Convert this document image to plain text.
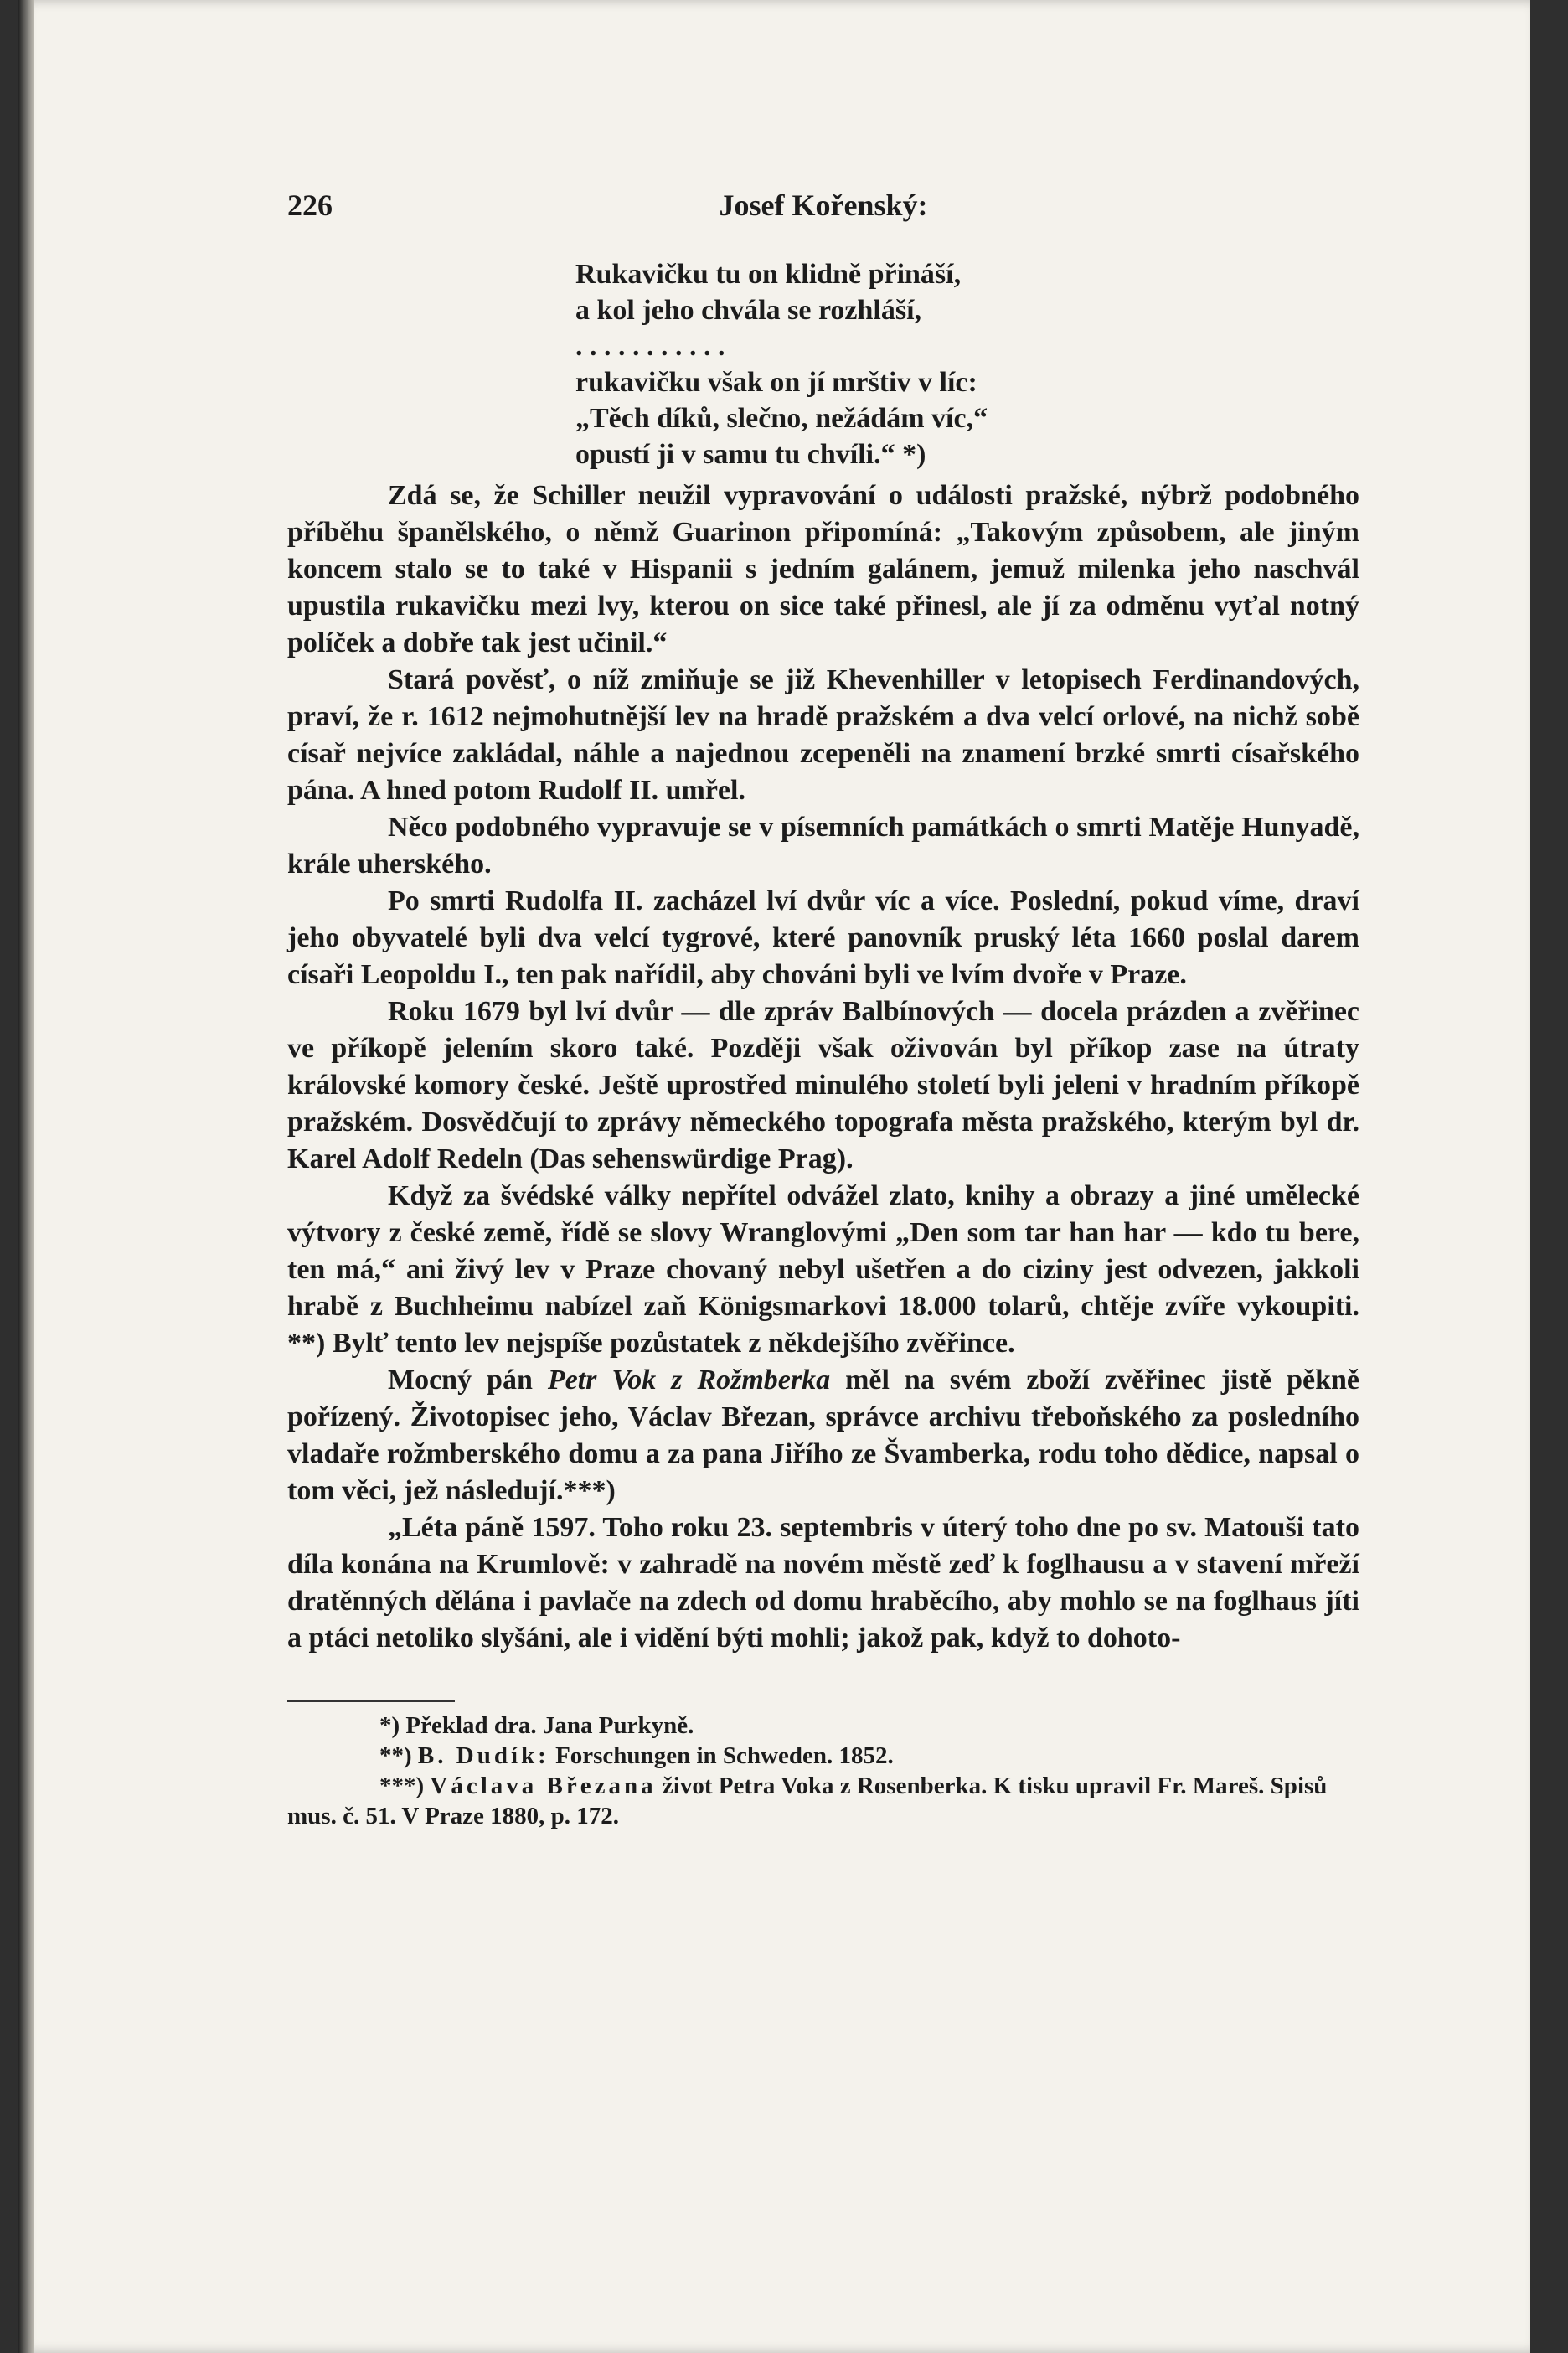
226	Josef Kořenský:
Rukavičku tu on klidně přináší,
a kol jeho chvála se rozhláší,
. . . . . . . . . . .
rukavičku však on jí mrštiv v líc:
„Těch díků, slečno, nežádám víc,“
opustí ji v samu tu chvíli.“ *)

Zdá se, že Schiller neužil vypravování o události pražské, nýbrž podobného příběhu španělského, o němž Guarinon připomíná: „Takovým způsobem, ale jiným koncem stalo se to také v Hispanii s jedním galánem, jemuž milenka jeho naschvál upustila rukavičku mezi lvy, kterou on sice také přinesl, ale jí za odměnu vyťal notný políček a dobře tak jest učinil.“

Stará pověsť, o níž zmiňuje se již Khevenhiller v letopisech Ferdinandových, praví, že r. 1612 nejmohutnější lev na hradě pražském a dva velcí orlové, na nichž sobě císař nejvíce zakládal, náhle a najednou zcepeněli na znamení brzké smrti císařského pána. A hned potom Rudolf II. umřel.

Něco podobného vypravuje se v písemních památkách o smrti Matěje Hunyadě, krále uherského.

Po smrti Rudolfa II. zacházel lví dvůr víc a více. Poslední, pokud víme, draví jeho obyvatelé byli dva velcí tygrové, které panovník pruský léta 1660 poslal darem císaři Leopoldu I., ten pak nařídil, aby chováni byli ve lvím dvoře v Praze.

Roku 1679 byl lví dvůr — dle zpráv Balbínových — docela prázden a zvěřinec ve příkopě jelením skoro také. Později však oživován byl příkop zase na útraty královské komory české. Ještě uprostřed minulého století byli jeleni v hradním příkopě pražském. Dosvědčují to zprávy německého topografa města pražského, kterým byl dr. Karel Adolf Redeln (Das sehenswürdige Prag).

Když za švédské války nepřítel odvážel zlato, knihy a obrazy a jiné umělecké výtvory z české země, řídě se slovy Wranglovými „Den som tar han har — kdo tu bere, ten má,“ ani živý lev v Praze chovaný nebyl ušetřen a do ciziny jest odvezen, jakkoli hrabě z Buchheimu nabízel zaň Königsmarkovi 18.000 tolarů, chtěje zvíře vykoupiti. **) Bylť tento lev nejspíše pozůstatek z někdejšího zvěřince.

Mocný pán Petr Vok z Rožmberka měl na svém zboží zvěřinec jistě pěkně pořízený. Životopisec jeho, Václav Březan, správce archivu třeboňského za posledního vladaře rožmberského domu a za pana Jiřího ze Švamberka, rodu toho dědice, napsal o tom věci, jež následují.***)

„Léta páně 1597. Toho roku 23. septembris v úterý toho dne po sv. Matouši tato díla konána na Krumlově: v zahradě na novém městě zeď k foglhausu a v stavení mřeží dratěnných dělána i pavlače na zdech od domu hraběcího, aby mohlo se na foglhaus jíti a ptáci netoliko slyšáni, ale i vidění býti mohli; jakož pak, když to dohoto-

*) Překlad dra. Jana Purkyně.

**) B. Dudík: Forschungen in Schweden. 1852.

***) Václava Březana život Petra Voka z Rosenberka. K tisku upravil Fr. Mareš. Spisů mus. č. 51. V Praze 1880, p. 172.
